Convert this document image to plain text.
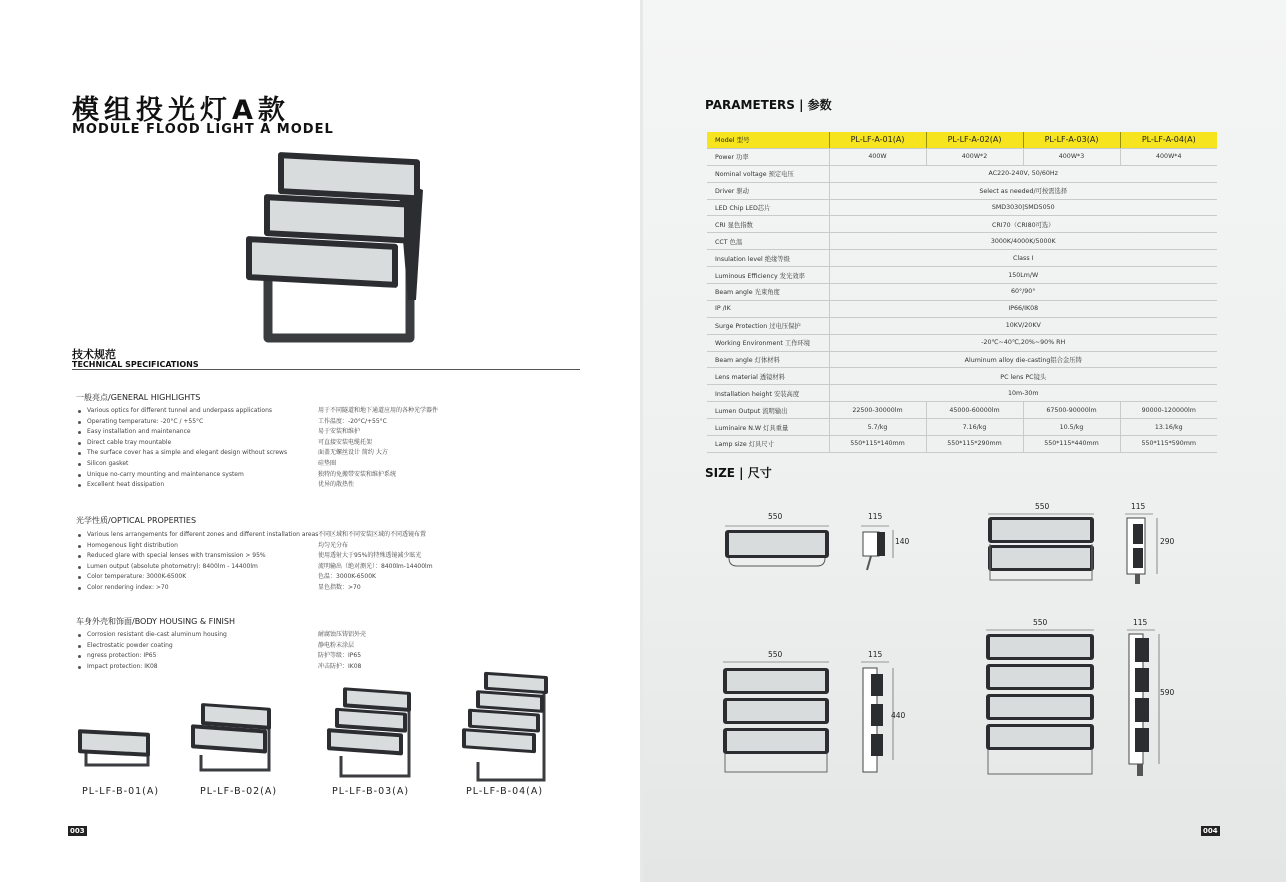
模组投光灯A款
MODULE FLOOD LIGHT A MODEL
技术规范
TECHNICAL SPECIFICATIONS
一般亮点/GENERAL HIGHLIGHTS
Various optics for different tunnel and underpass applications	用于不同隧道和地下通道应用的各种光学器件
Operating temperature: -20°C / +55°C	工作温度：-20°C/+55°C
Easy installation and maintenance	易于安装和维护
Direct cable tray mountable	可直接安装电缆托架
The surface cover has a simple and elegant design without screws	面盖无螺丝设计 简约 大方
Silicon gasket	硅垫圈
Unique no-carry mounting and maintenance system	独特的免搬带安装和维护系统
Excellent heat dissipation	优异的散热性
光学性质/OPTICAL PROPERTIES
Various lens arrangements for different zones and different installation areas 不同区域和不同安装区域的不同透镜布置
Homogenous light distribution	均匀光分布
Reduced glare with special lenses with transmission > 95%	使用透射大于95%的特殊透镜减少眩光
Lumen output (absolute photometry): 8400lm - 14400lm	流明输出（绝对测光）：8400lm-14400lm
Color temperature: 3000K-6500K	色温：3000K-6500K
Color rendering index: >70	显色指数：>70
车身外壳和饰面/BODY HOUSING & FINISH
Corrosion resistant die-cast aluminum housing	耐腐蚀压铸铝外壳
Electrostatic powder coating	静电粉末涂层
ngress protection: IP65	防护等级：IP65
Impact protection: IK08	冲击防护：IK08
PL-LF-B-01(A)	PL-LF-B-02(A)	PL-LF-B-03(A)	PL-LF-B-04(A)
003
PARAMETERS | 参数
Model 型号	PL-LF-A-01(A)	PL-LF-A-02(A)	PL-LF-A-03(A)	PL-LF-A-04(A)
Power 功率	400W	400W*2	400W*3	400W*4
Nominal voltage 预定电压	AC220-240V, 50/60Hz			
Driver 驱动	Select as needed/可按需选择			
LED Chip LED芯片	SMD3030|SMD5050			
CRI 显色指数	CRI70（CRI80可选）			
CCT 色温	3000K/4000K/5000K			
Insulation level 绝缘等级	Class I			
Luminous Efficiency 发光效率	150Lm/W			
Beam angle 光束角度	60°/90°			
IP /IK	IP66/IK08			
Surge Protection 过电压保护	10KV/20KV			
Working Environment 工作环境	-20℃~40℃,20%~90% RH			
Beam angle 灯体材料	Aluminum alloy die-casting铝合金压铸			
Lens material 透镜材料	PC lens PC镜头			
Installation height 安装高度	10m-30m			
Lumen Output 流明输出	22500-30000lm	45000-60000lm	67500-90000lm	90000-120000lm
Luminaire N.W 灯具重量	5.7/kg	7.16/kg	10.5/kg	13.16/kg
Lamp size 灯具尺寸	550*115*140mm	550*115*290mm	550*115*440mm	550*115*590mm
SIZE | 尺寸
550	115
140
550	115
290
550	115
440
550	115
590
004
